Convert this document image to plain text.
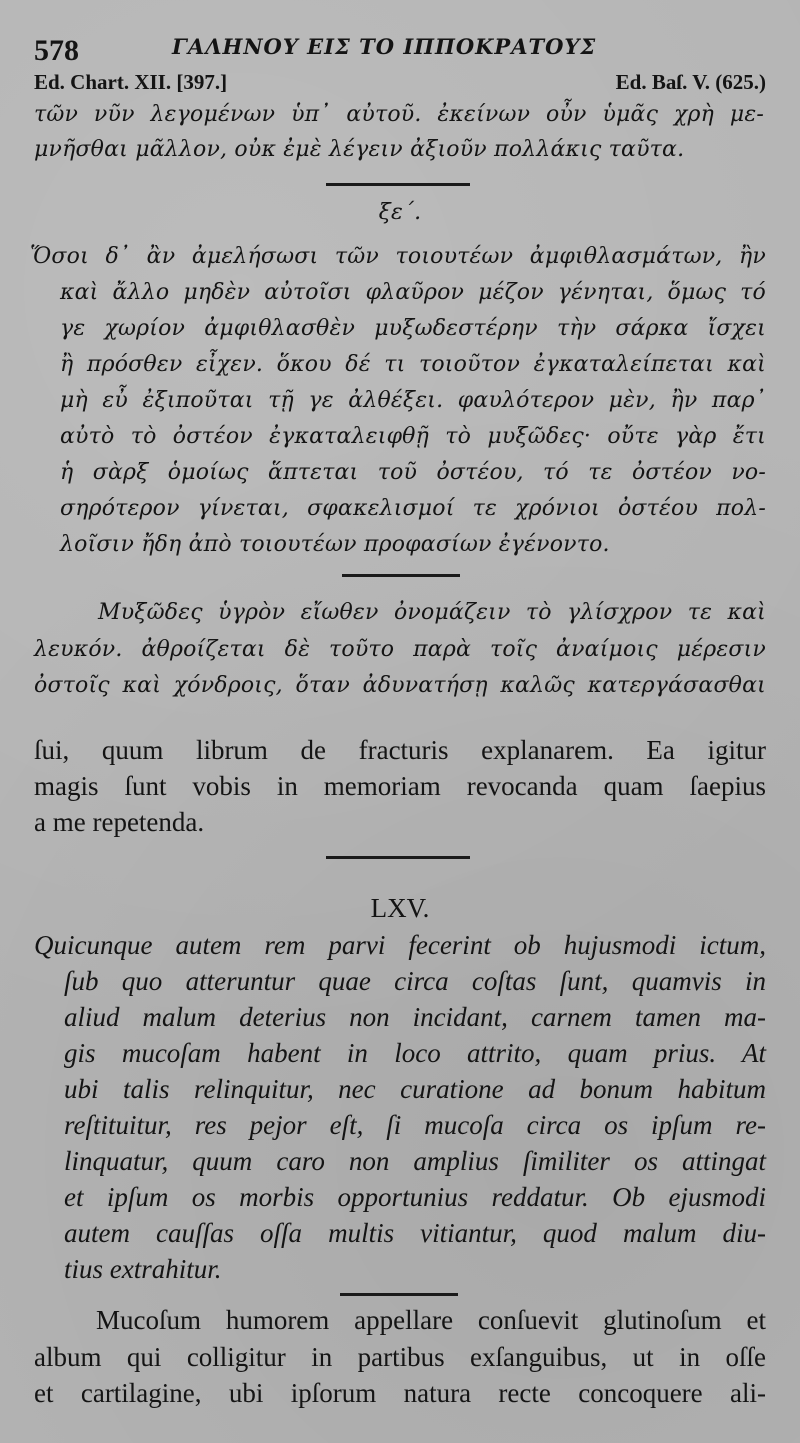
578	ΓΑΛΗΝΟΥ ΕΙΣ ΤΟ ΙΠΠΟΚΡΑΤΟΥΣ
Ed. Chart. XII. [397.]	Ed. Baſ. V. (625.)
τῶν νῦν λεγομένων ὑπ᾽ αὐτοῦ. ἐκείνων οὖν ὑμᾶς χρὴ με-
μνῆσθαι μᾶλλον, οὐκ ἐμὲ λέγειν ἀξιοῦν πολλάκις ταῦτα.
ξε΄.
Ὅσοι δ᾽ ἂν ἀμελήσωσι τῶν τοιουτέων ἀμφιθλασμάτων, ἢν
καὶ ἄλλο μηδὲν αὐτοῖσι φλαῦρον μέζον γένηται, ὅμως τό
γε χωρίον ἀμφιθλασθὲν μυξωδεστέρην τὴν σάρκα ἴσχει
ἢ πρόσθεν εἶχεν. ὅκου δέ τι τοιοῦτον ἐγκαταλείπεται καὶ
μὴ εὖ ἐξιποῦται τῇ γε ἀλθέξει. φαυλότερον μὲν, ἢν παρ᾽
αὐτὸ τὸ ὀστέον ἐγκαταλειφθῇ τὸ μυξῶδες· οὔτε γὰρ ἔτι
ἡ σὰρξ ὁμοίως ἅπτεται τοῦ ὀστέου, τό τε ὀστέον νο-
σηρότερον γίνεται, σφακελισμοί τε χρόνιοι ὀστέου πολ-
λοῖσιν ἤδη ἀπὸ τοιουτέων προφασίων ἐγένοντο.
Μυξῶδες ὑγρὸν εἴωθεν ὀνομάζειν τὸ γλίσχρον τε καὶ
λευκόν. ἀθροίζεται δὲ τοῦτο παρὰ τοῖς ἀναίμοις μέρεσιν
ὀστοῖς καὶ χόνδροις, ὅταν ἀδυνατήσῃ καλῶς κατεργάσασθαι
ſui, quum librum de fracturis explanarem. Ea igitur
magis ſunt vobis in memoriam revocanda quam ſaepius
a me repetenda.
LXV.
Quicunque autem rem parvi fecerint ob hujusmodi ictum,
ſub quo atteruntur quae circa coſtas ſunt, quamvis in
aliud malum deterius non incidant, carnem tamen ma-
gis mucoſam habent in loco attrito, quam prius. At
ubi talis relinquitur, nec curatione ad bonum habitum
reſtituitur, res pejor eſt, ſi mucoſa circa os ipſum re-
linquatur, quum caro non amplius ſimiliter os attingat
et ipſum os morbis opportunius reddatur. Ob ejusmodi
autem cauſſas oſſa multis vitiantur, quod malum diu-
tius extrahitur.
Mucoſum humorem appellare conſuevit glutinoſum et
album qui colligitur in partibus exſanguibus, ut in oſſe
et cartilagine, ubi ipſorum natura recte concoquere ali-
